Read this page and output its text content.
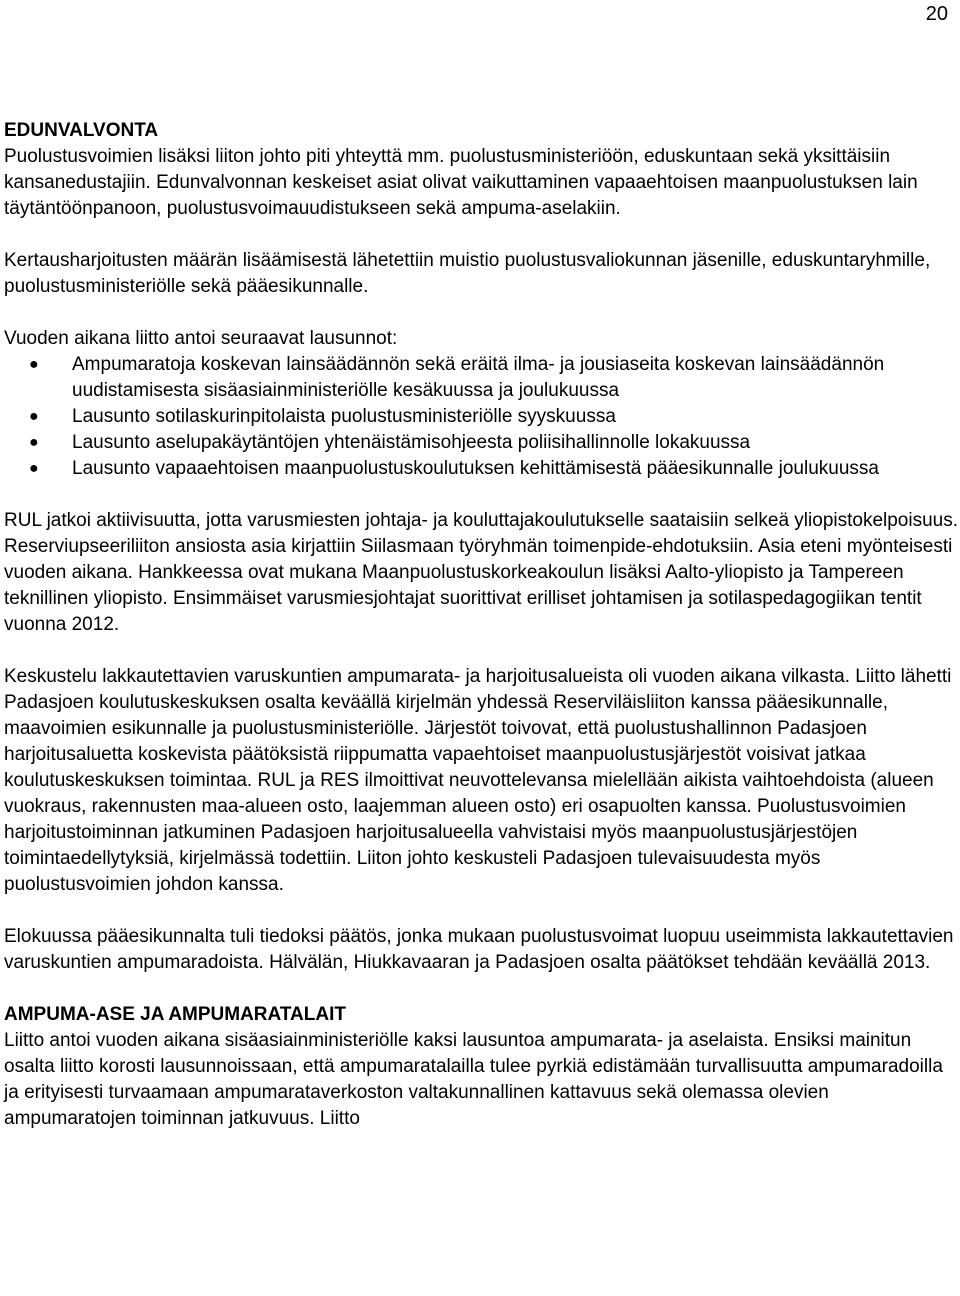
20

EDUNVALVONTA

Puolustusvoimien lisäksi liiton johto piti yhteyttä mm. puolustusministeriöön, eduskuntaan sekä yksittäisiin kansanedustajiin. Edunvalvonnan keskeiset asiat olivat vaikuttaminen vapaaehtoisen maanpuolustuksen lain täytäntöönpanoon, puolustusvoimauudistukseen sekä ampuma-aselakiin.

Kertausharjoitusten määrän lisäämisestä lähetettiin muistio puolustusvaliokunnan jäsenille, eduskuntaryhmille, puolustusministeriölle sekä pääesikunnalle.

Vuoden aikana liitto antoi seuraavat lausunnot:

● Ampumaratoja koskevan lainsäädännön sekä eräitä ilma- ja jousiaseita koskevan lainsäädännön uudistamisesta sisäasiainministeriölle kesäkuussa ja joulukuussa
● Lausunto sotilaskurinpitolaista puolustusministeriölle syyskuussa
● Lausunto aselupakäytäntöjen yhtenäistämisohjeesta poliisihallinnolle lokakuussa
● Lausunto vapaaehtoisen maanpuolustuskoulutuksen kehittämisestä pääesikunnalle joulukuussa

RUL jatkoi aktiivisuutta, jotta varusmiesten johtaja- ja kouluttajakoulutukselle saataisiin selkeä yliopistokelpoisuus. Reserviupseeriliiton ansiosta asia kirjattiin Siilasmaan työryhmän toimenpide-ehdotuksiin. Asia eteni myönteisesti vuoden aikana. Hankkeessa ovat mukana Maanpuolustuskorkeakoulun lisäksi Aalto-yliopisto ja Tampereen teknillinen yliopisto. Ensimmäiset varusmiesjohtajat suorittivat erilliset johtamisen ja sotilaspedagogiikan tentit vuonna 2012.

Keskustelu lakkautettavien varuskuntien ampumarata- ja harjoitusalueista oli vuoden aikana vilkasta. Liitto lähetti Padasjoen koulutuskeskuksen osalta keväällä kirjelmän yhdessä Reserviläisliiton kanssa pääesikunnalle, maavoimien esikunnalle ja puolustusministeriölle. Järjestöt toivovat, että puolustushallinnon Padasjoen harjoitusaluetta koskevista päätöksistä riippumatta vapaehtoiset maanpuolustusjärjestöt voisivat jatkaa koulutuskeskuksen toimintaa. RUL ja RES ilmoittivat neuvottelevansa mielellään aikista vaihtoehdoista (alueen vuokraus, rakennusten maa-alueen osto, laajemman alueen osto) eri osapuolten kanssa. Puolustusvoimien harjoitustoiminnan jatkuminen Padasjoen harjoitusalueella vahvistaisi myös maanpuolustusjärjestöjen toimintaedellytyksiä, kirjelmässä todettiin. Liiton johto keskusteli Padasjoen tulevaisuudesta myös puolustusvoimien johdon kanssa.

Elokuussa pääesikunnalta tuli tiedoksi päätös, jonka mukaan puolustusvoimat luopuu useimmista lakkautettavien varuskuntien ampumaradoista. Hälvälän, Hiukkavaaran ja Padasjoen osalta päätökset tehdään keväällä 2013.

AMPUMA-ASE JA AMPUMARATALAIT

Liitto antoi vuoden aikana sisäasiainministeriölle kaksi lausuntoa ampumarata- ja aselaista. Ensiksi mainitun osalta liitto korosti lausunnoissaan, että ampumaratalailla tulee pyrkiä edistämään turvallisuutta ampumaradoilla ja erityisesti turvaamaan ampumarataverkoston valtakunnallinen kattavuus sekä olemassa olevien ampumaratojen toiminnan jatkuvuus. Liitto
